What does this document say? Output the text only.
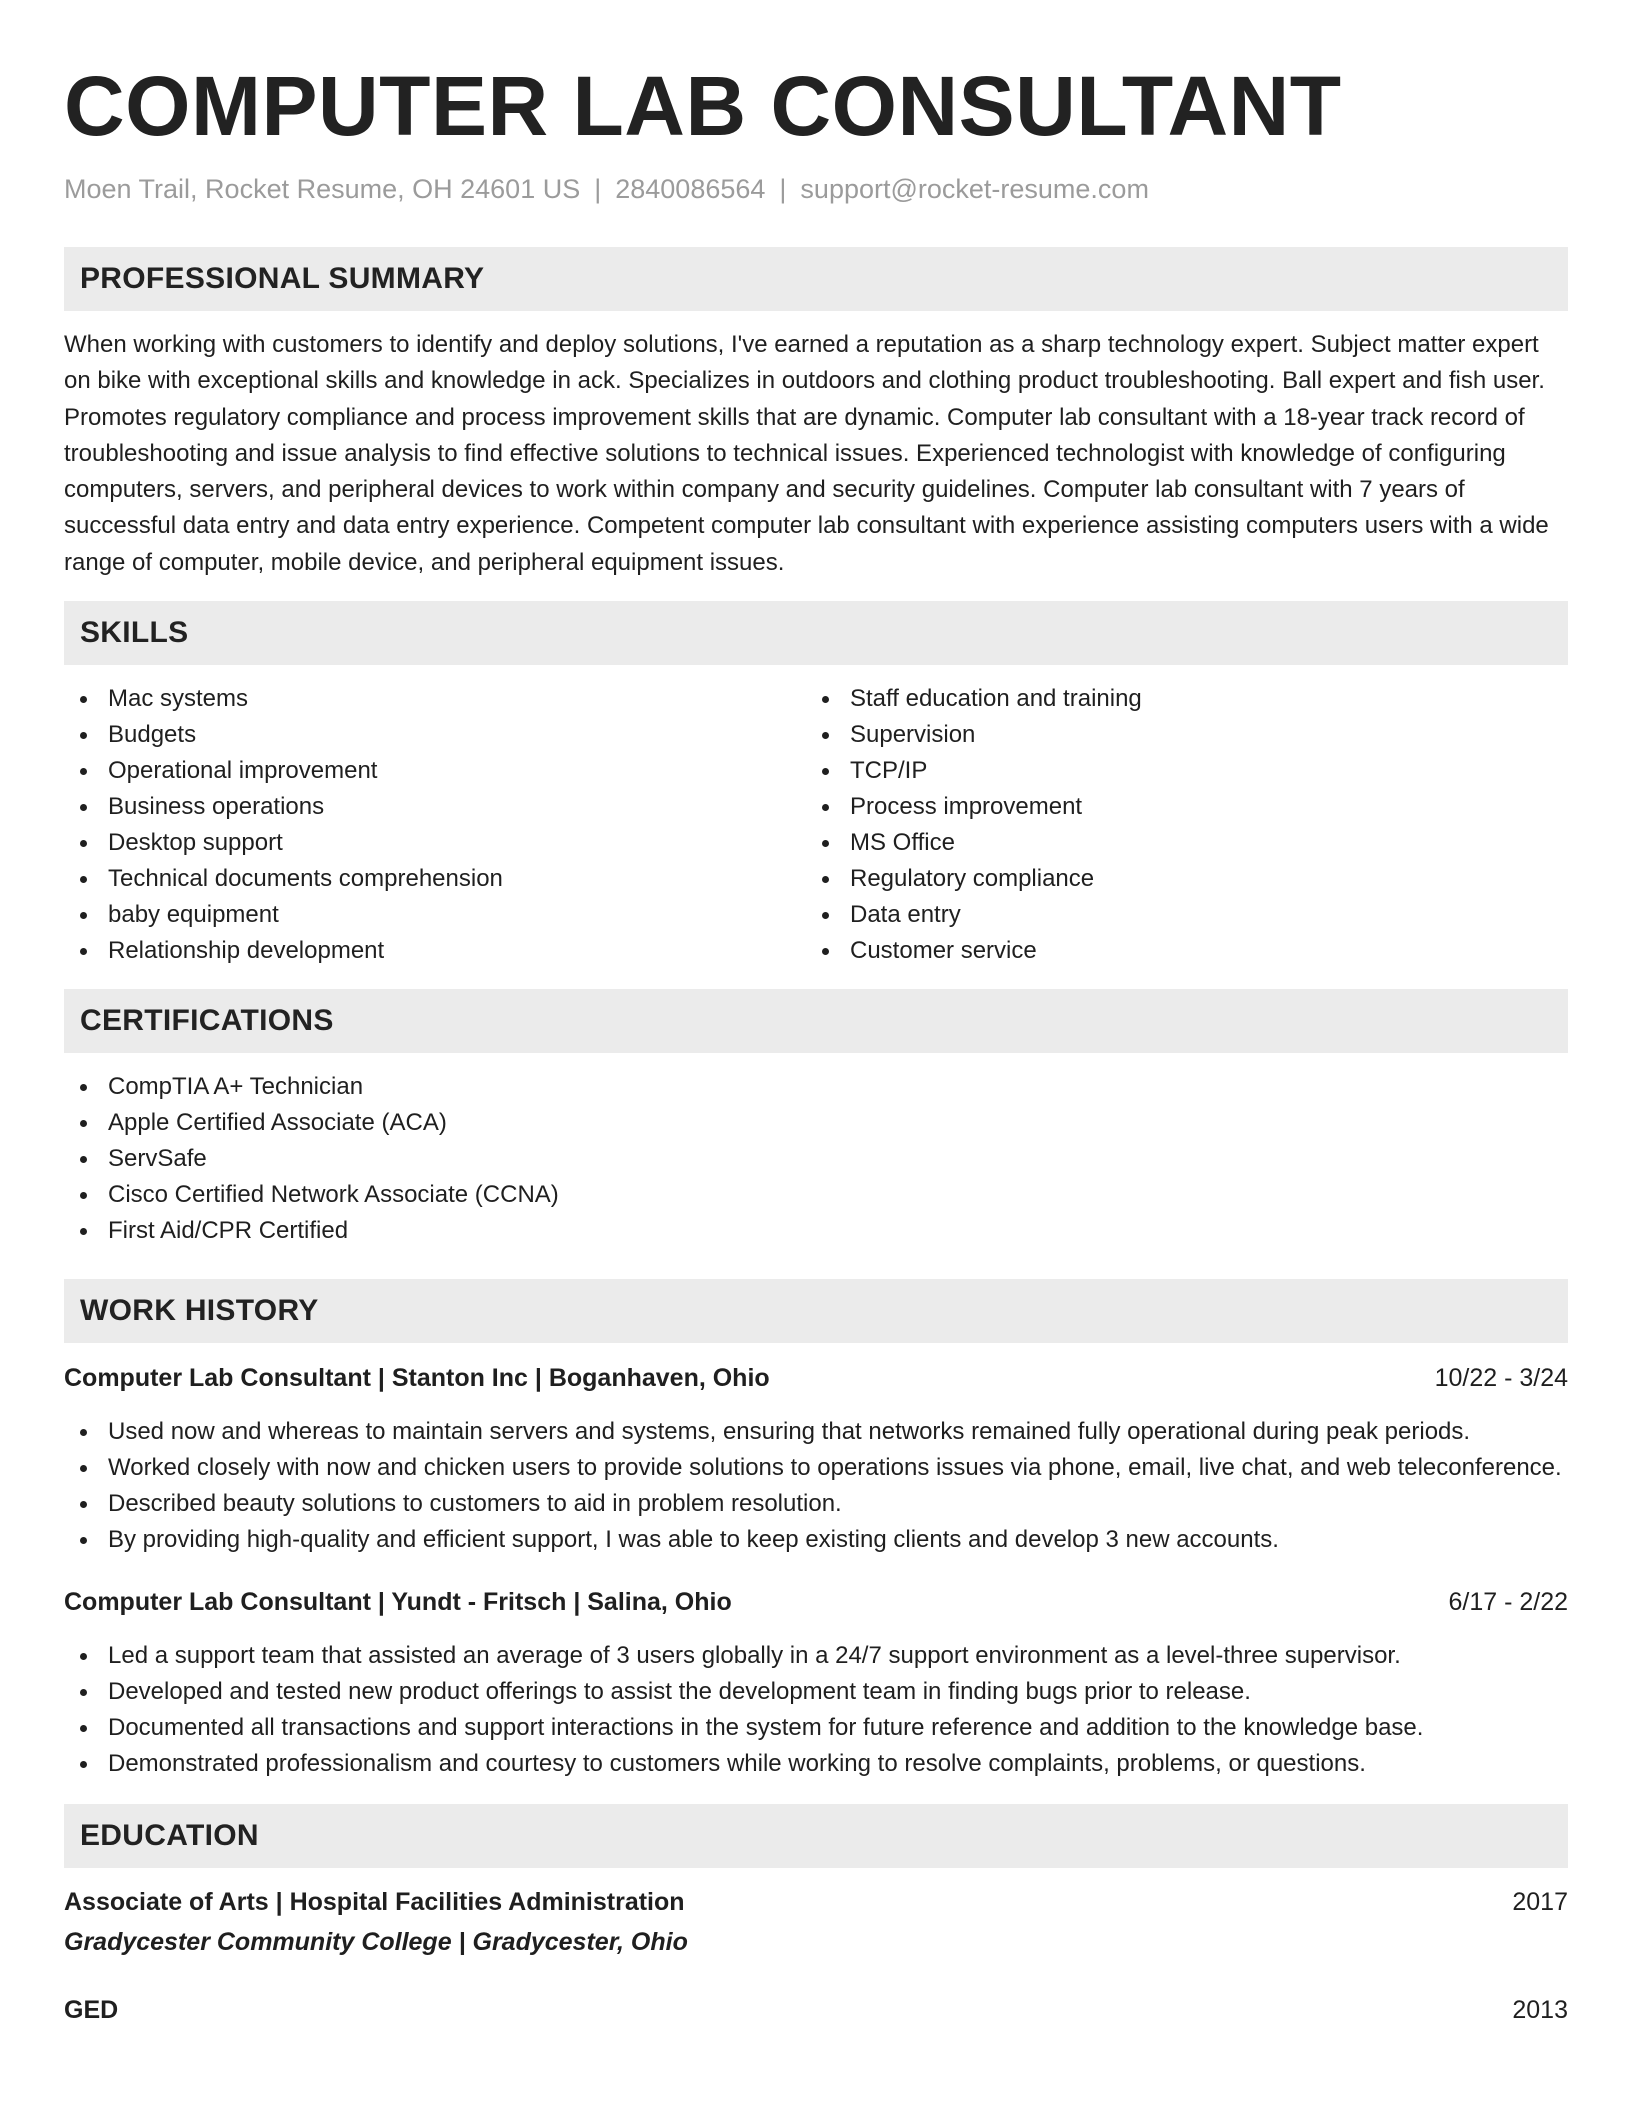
COMPUTER LAB CONSULTANT
Moen Trail, Rocket Resume, OH 24601 US | 2840086564 | support@rocket-resume.com
PROFESSIONAL SUMMARY

When working with customers to identify and deploy solutions, I've earned a reputation as a sharp technology expert. Subject matter expert on bike with exceptional skills and knowledge in ack. Specializes in outdoors and clothing product troubleshooting. Ball expert and fish user. Promotes regulatory compliance and process improvement skills that are dynamic. Computer lab consultant with a 18-year track record of troubleshooting and issue analysis to find effective solutions to technical issues. Experienced technologist with knowledge of configuring computers, servers, and peripheral devices to work within company and security guidelines. Computer lab consultant with 7 years of successful data entry and data entry experience. Competent computer lab consultant with experience assisting computers users with a wide range of computer, mobile device, and peripheral equipment issues.

SKILLS
Mac systems
Budgets
Operational improvement
Business operations
Desktop support
Technical documents comprehension
baby equipment
Relationship development
Staff education and training
Supervision
TCP/IP
Process improvement
MS Office
Regulatory compliance
Data entry
Customer service
CERTIFICATIONS
CompTIA A+ Technician
Apple Certified Associate (ACA)
ServSafe
Cisco Certified Network Associate (CCNA)
First Aid/CPR Certified
WORK HISTORY
Computer Lab Consultant | Stanton Inc | Boganhaven, Ohio	10/22 - 3/24
Used now and whereas to maintain servers and systems, ensuring that networks remained fully operational during peak periods.
Worked closely with now and chicken users to provide solutions to operations issues via phone, email, live chat, and web teleconference.
Described beauty solutions to customers to aid in problem resolution.
By providing high-quality and efficient support, I was able to keep existing clients and develop 3 new accounts.
Computer Lab Consultant | Yundt - Fritsch | Salina, Ohio	6/17 - 2/22
Led a support team that assisted an average of 3 users globally in a 24/7 support environment as a level-three supervisor.
Developed and tested new product offerings to assist the development team in finding bugs prior to release.
Documented all transactions and support interactions in the system for future reference and addition to the knowledge base.
Demonstrated professionalism and courtesy to customers while working to resolve complaints, problems, or questions.
EDUCATION
Associate of Arts | Hospital Facilities Administration	2017
Gradycester Community College | Gradycester, Ohio
GED	2013
